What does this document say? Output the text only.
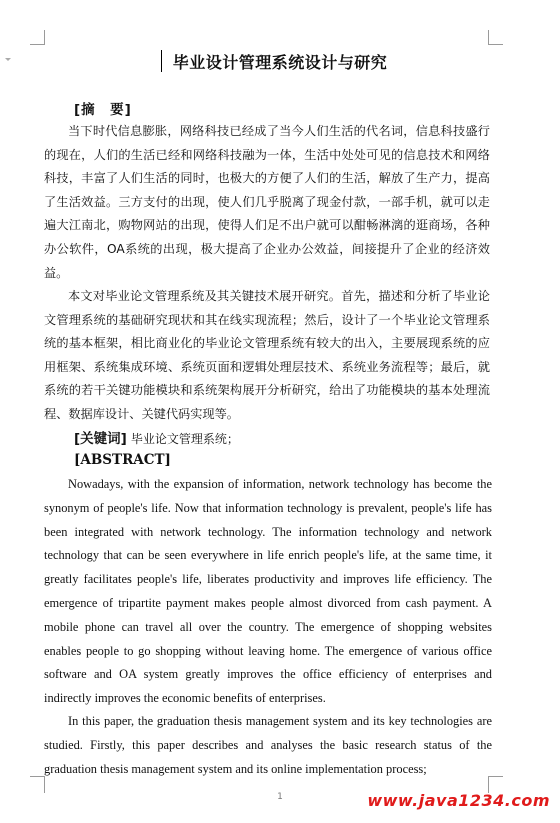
毕业设计管理系统设计与研究
[摘　要]

当下时代信息膨胀，网络科技已经成了当今人们生活的代名词，信息科技盛行的现在，人们的生活已经和网络科技融为一体，生活中处处可见的信息技术和网络科技，丰富了人们生活的同时，也极大的方便了人们的生活，解放了生产力，提高了生活效益。三方支付的出现，使人们几乎脱离了现金付款，一部手机，就可以走遍大江南北，购物网站的出现，使得人们足不出户就可以酣畅淋漓的逛商场，各种办公软件，OA系统的出现，极大提高了企业办公效益，间接提升了企业的经济效益。

本文对毕业论文管理系统及其关键技术展开研究。首先，描述和分析了毕业论文管理系统的基础研究现状和其在线实现流程；然后，设计了一个毕业论文管理系统的基本框架，相比商业化的毕业论文管理系统有较大的出入，主要展现系统的应用框架、系统集成环境、系统页面和逻辑处理层技术、系统业务流程等；最后，就系统的若干关键功能模块和系统架构展开分析研究，给出了功能模块的基本处理流程、数据库设计、关键代码实现等。

[关键词] 毕业论文管理系统；
[ABSTRACT]

Nowadays, with the expansion of information, network technology has become the synonym of people's life. Now that information technology is prevalent, people's life has been integrated with network technology. The information technology and network technology that can be seen everywhere in life enrich people's life, at the same time, it greatly facilitates people's life, liberates productivity and improves life efficiency. The emergence of tripartite payment makes people almost divorced from cash payment. A mobile phone can travel all over the country. The emergence of shopping websites enables people to go shopping without leaving home. The emergence of various office software and OA system greatly improves the office efficiency of enterprises and indirectly improves the economic benefits of enterprises.

In this paper, the graduation thesis management system and its key technologies are studied. Firstly, this paper describes and analyses the basic research status of the graduation thesis management system and its online implementation process;

1	www.java1234.com
